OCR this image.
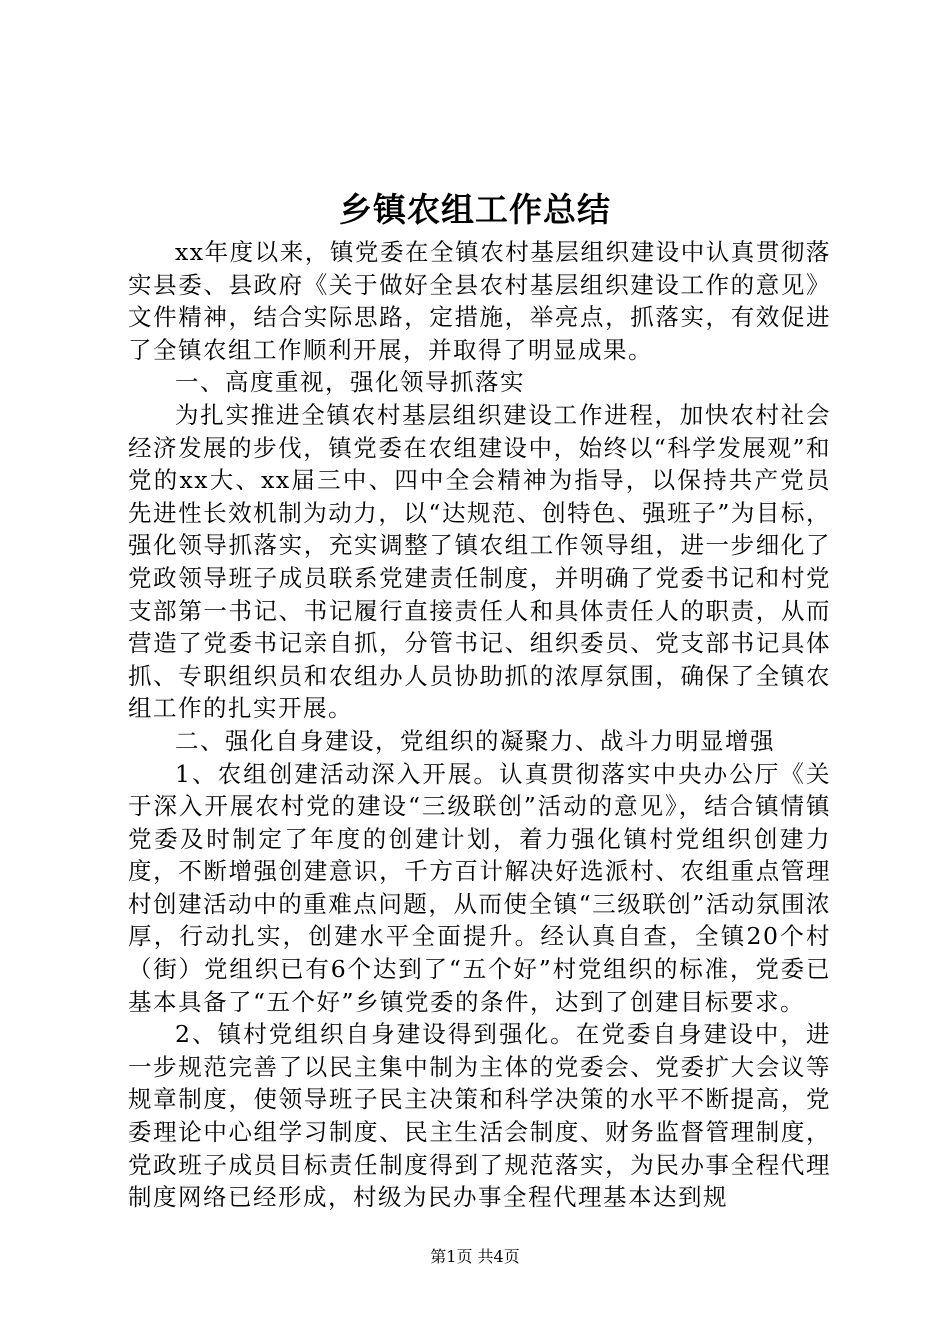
乡镇农组工作总结

xx年度以来，镇党委在全镇农村基层组织建设中认真贯彻落实县委、县政府《关于做好全县农村基层组织建设工作的意见》文件精神，结合实际思路，定措施，举亮点，抓落实，有效促进了全镇农组工作顺利开展，并取得了明显成果。

一、高度重视，强化领导抓落实

为扎实推进全镇农村基层组织建设工作进程，加快农村社会经济发展的步伐，镇党委在农组建设中，始终以“科学发展观”和党的xx大、xx届三中、四中全会精神为指导，以保持共产党员先进性长效机制为动力，以“达规范、创特色、强班子”为目标，强化领导抓落实，充实调整了镇农组工作领导组，进一步细化了党政领导班子成员联系党建责任制度，并明确了党委书记和村党支部第一书记、书记履行直接责任人和具体责任人的职责，从而营造了党委书记亲自抓，分管书记、组织委员、党支部书记具体抓、专职组织员和农组办人员协助抓的浓厚氛围，确保了全镇农组工作的扎实开展。

二、强化自身建设，党组织的凝聚力、战斗力明显增强

1、农组创建活动深入开展。认真贯彻落实中央办公厅《关于深入开展农村党的建设“三级联创”活动的意见》，结合镇情镇党委及时制定了年度的创建计划，着力强化镇村党组织创建力度，不断增强创建意识，千方百计解决好选派村、农组重点管理村创建活动中的重难点问题，从而使全镇“三级联创”活动氛围浓厚，行动扎实，创建水平全面提升。经认真自查，全镇20个村（街）党组织已有6个达到了“五个好”村党组织的标准，党委已基本具备了“五个好”乡镇党委的条件，达到了创建目标要求。

2、镇村党组织自身建设得到强化。在党委自身建设中，进一步规范完善了以民主集中制为主体的党委会、党委扩大会议等规章制度，使领导班子民主决策和科学决策的水平不断提高，党委理论中心组学习制度、民主生活会制度、财务监督管理制度，党政班子成员目标责任制度得到了规范落实，为民办事全程代理制度网络已经形成，村级为民办事全程代理基本达到规

第1页 共4页
